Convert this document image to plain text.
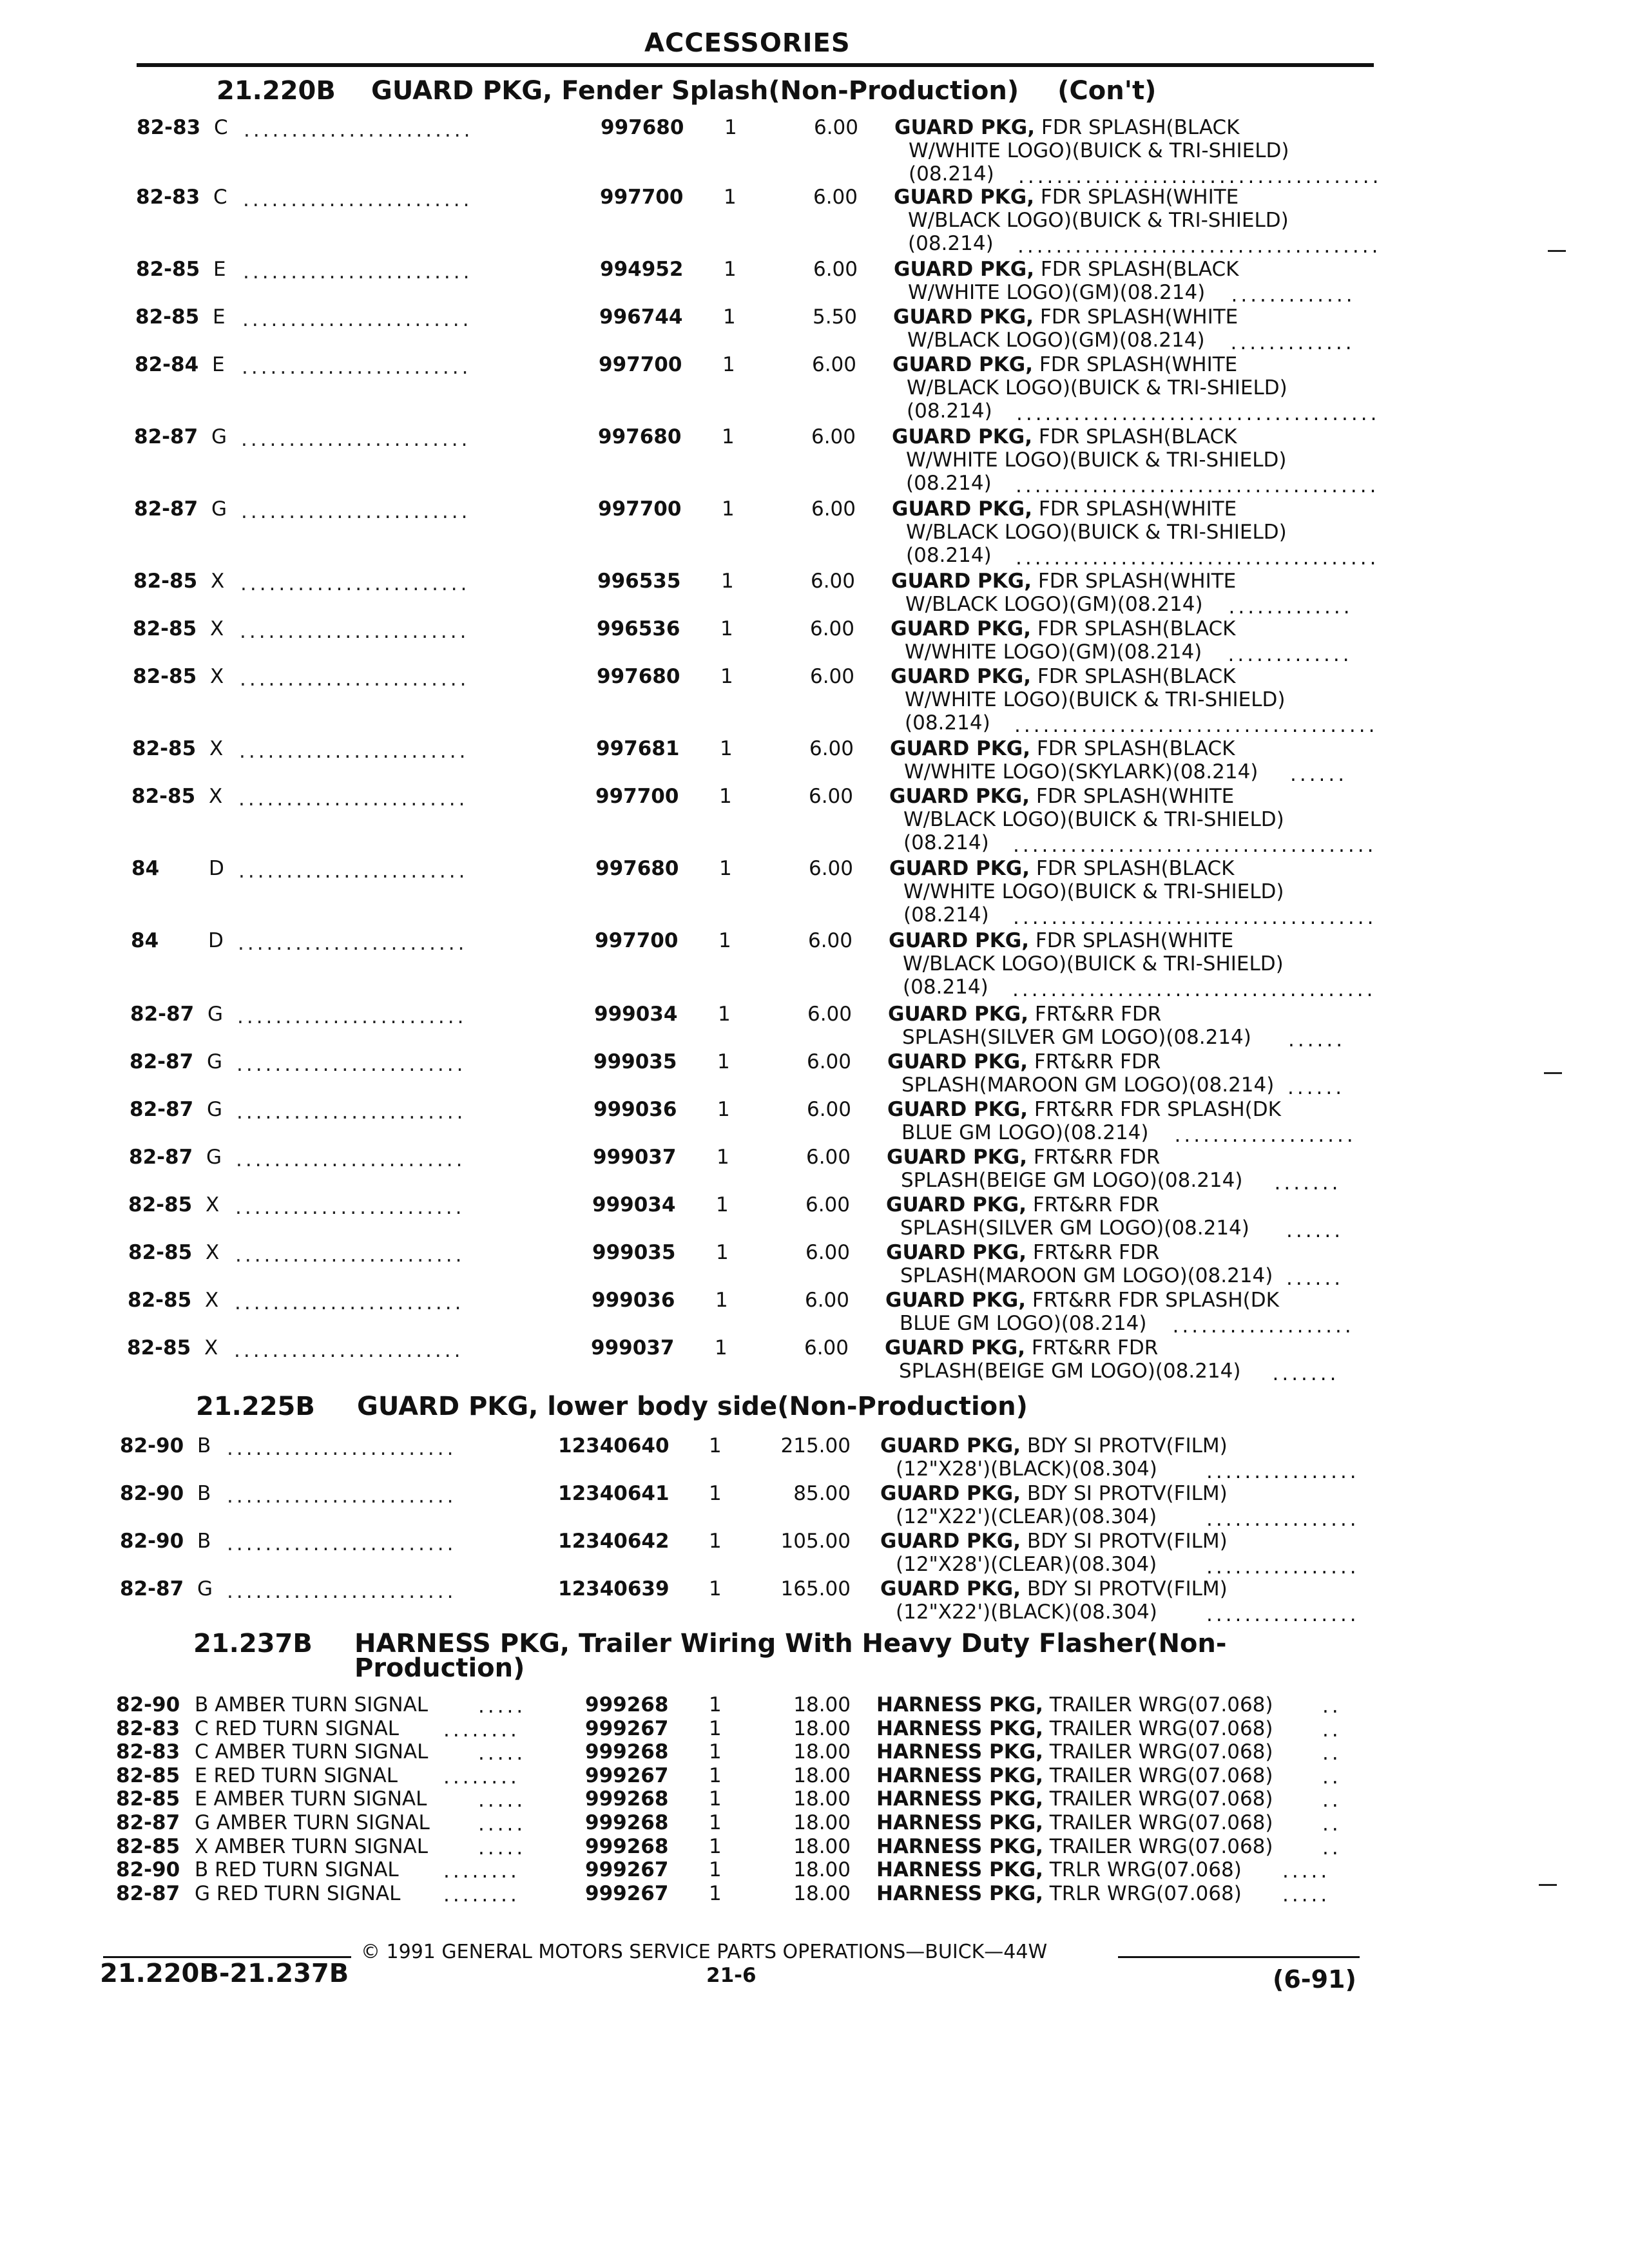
ACCESSORIES
21.220B GUARD PKG, Fender Splash(Non-Production) (Con't)
82-83 C ........................	997680 1	6.00 GUARD PKG, FDR SPLASH(BLACK
W/WHITE LOGO)(BUICK & TRI-SHIELD)
(08.214)
82-83 C ........................	997700 1	6.00 GUARD PKG, FDR SPLASH(WHITE
W/BLACK LOGO)(BUICK & TRI-SHIELD)
(08.214)
82-85 E ........................	994952 1	6.00 GUARD PKG, FDR SPLASH(BLACK
W/WHITE LOGO)(GM)(08.214)
82-85 E ........................	996744 1	5.50 GUARD PKG, FDR SPLASH(WHITE
W/BLACK LOGO)(GM)(08.214)
82-84 E ........................	997700 1	6.00 GUARD PKG, FDR SPLASH(WHITE
W/BLACK LOGO)(BUICK & TRI-SHIELD)
(08.214)
82-87 G ........................	997680 1	6.00 GUARD PKG, FDR SPLASH(BLACK
W/WHITE LOGO)(BUICK & TRI-SHIELD)
(08.214)
82-87 G ........................	997700 1	6.00 GUARD PKG, FDR SPLASH(WHITE
W/BLACK LOGO)(BUICK & TRI-SHIELD)
(08.214)
82-85 X ........................	996535 1	6.00 GUARD PKG, FDR SPLASH(WHITE
W/BLACK LOGO)(GM)(08.214)
82-85 X ........................	996536 1	6.00 GUARD PKG, FDR SPLASH(BLACK
W/WHITE LOGO)(GM)(08.214)
82-85 X ........................	997680 1	6.00 GUARD PKG, FDR SPLASH(BLACK
W/WHITE LOGO)(BUICK & TRI-SHIELD)
(08.214)
82-85 X ........................	997681 1	6.00 GUARD PKG, FDR SPLASH(BLACK
W/WHITE LOGO)(SKYLARK)(08.214)
82-85 X ........................	997700 1	6.00 GUARD PKG, FDR SPLASH(WHITE
W/BLACK LOGO)(BUICK & TRI-SHIELD)
(08.214)
84 D ........................	997680 1	6.00 GUARD PKG, FDR SPLASH(BLACK
W/WHITE LOGO)(BUICK & TRI-SHIELD)
(08.214)
84 D ........................	997700 1	6.00 GUARD PKG, FDR SPLASH(WHITE
W/BLACK LOGO)(BUICK & TRI-SHIELD)
(08.214)
82-87 G ........................	999034 1	6.00 GUARD PKG, FRT&RR FDR
SPLASH(SILVER GM LOGO)(08.214)
82-87 G ........................	999035 1	6.00 GUARD PKG, FRT&RR FDR
SPLASH(MAROON GM LOGO)(08.214)
82-87 G ........................	999036 1	6.00 GUARD PKG, FRT&RR FDR SPLASH(DK
BLUE GM LOGO)(08.214)
82-87 G ........................	999037 1	6.00 GUARD PKG, FRT&RR FDR
SPLASH(BEIGE GM LOGO)(08.214)
82-85 X ........................	999034 1	6.00 GUARD PKG, FRT&RR FDR
SPLASH(SILVER GM LOGO)(08.214)
82-85 X ........................	999035 1	6.00 GUARD PKG, FRT&RR FDR
SPLASH(MAROON GM LOGO)(08.214)
82-85 X ........................	999036 1	6.00 GUARD PKG, FRT&RR FDR SPLASH(DK
BLUE GM LOGO)(08.214)
82-85 X ........................	999037 1	6.00 GUARD PKG, FRT&RR FDR
SPLASH(BEIGE GM LOGO)(08.214)
21.225B GUARD PKG, lower body side(Non-Production)
82-90 B ........................	12340640 1	215.00 GUARD PKG, BDY SI PROTV(FILM)
(12"X28')(BLACK)(08.304)
82-90 B ........................	12340641 1	85.00 GUARD PKG, BDY SI PROTV(FILM)
(12"X22')(CLEAR)(08.304)
82-90 B ........................	12340642 1	105.00 GUARD PKG, BDY SI PROTV(FILM)
(12"X28')(CLEAR)(08.304)
82-87 G ........................	12340639 1	165.00 GUARD PKG, BDY SI PROTV(FILM)
(12"X22')(BLACK)(08.304)
21.237B HARNESS PKG, Trailer Wiring With Heavy Duty Flasher(Non-
Production)
82-90 B AMBER TURN SIGNAL	.....	999268 1	18.00 HARNESS PKG, TRAILER WRG(07.068) ..
82-83 C RED TURN SIGNAL ........	999267 1	18.00 HARNESS PKG, TRAILER WRG(07.068) ..
82-83 C AMBER TURN SIGNAL	.....	999268 1	18.00 HARNESS PKG, TRAILER WRG(07.068) ..
82-85 E RED TURN SIGNAL ........	999267 1	18.00 HARNESS PKG, TRAILER WRG(07.068) ..
82-85 E AMBER TURN SIGNAL	.....	999268 1	18.00 HARNESS PKG, TRAILER WRG(07.068) ..
82-87 G AMBER TURN SIGNAL .....	999268 1	18.00 HARNESS PKG, TRAILER WRG(07.068) ..
82-85 X AMBER TURN SIGNAL	.....	999268 1	18.00 HARNESS PKG, TRAILER WRG(07.068) ..
82-90 B RED TURN SIGNAL ........	999267 1	18.00 HARNESS PKG, TRLR WRG(07.068) .....
82-87 G RED TURN SIGNAL ........	999267 1	18.00 HARNESS PKG, TRLR WRG(07.068) .....
......................................
......................................
.............
.............
......................................
......................................
......................................
.............
.............
......................................
......
......................................
......................................
......................................
......
......
...................
.......
......
......
...................
.......
................
................
................
................
© 1991 GENERAL MOTORS SERVICE PARTS OPERATIONS—BUICK—44W
21.220B-21.237B	21-6	(6-91)
